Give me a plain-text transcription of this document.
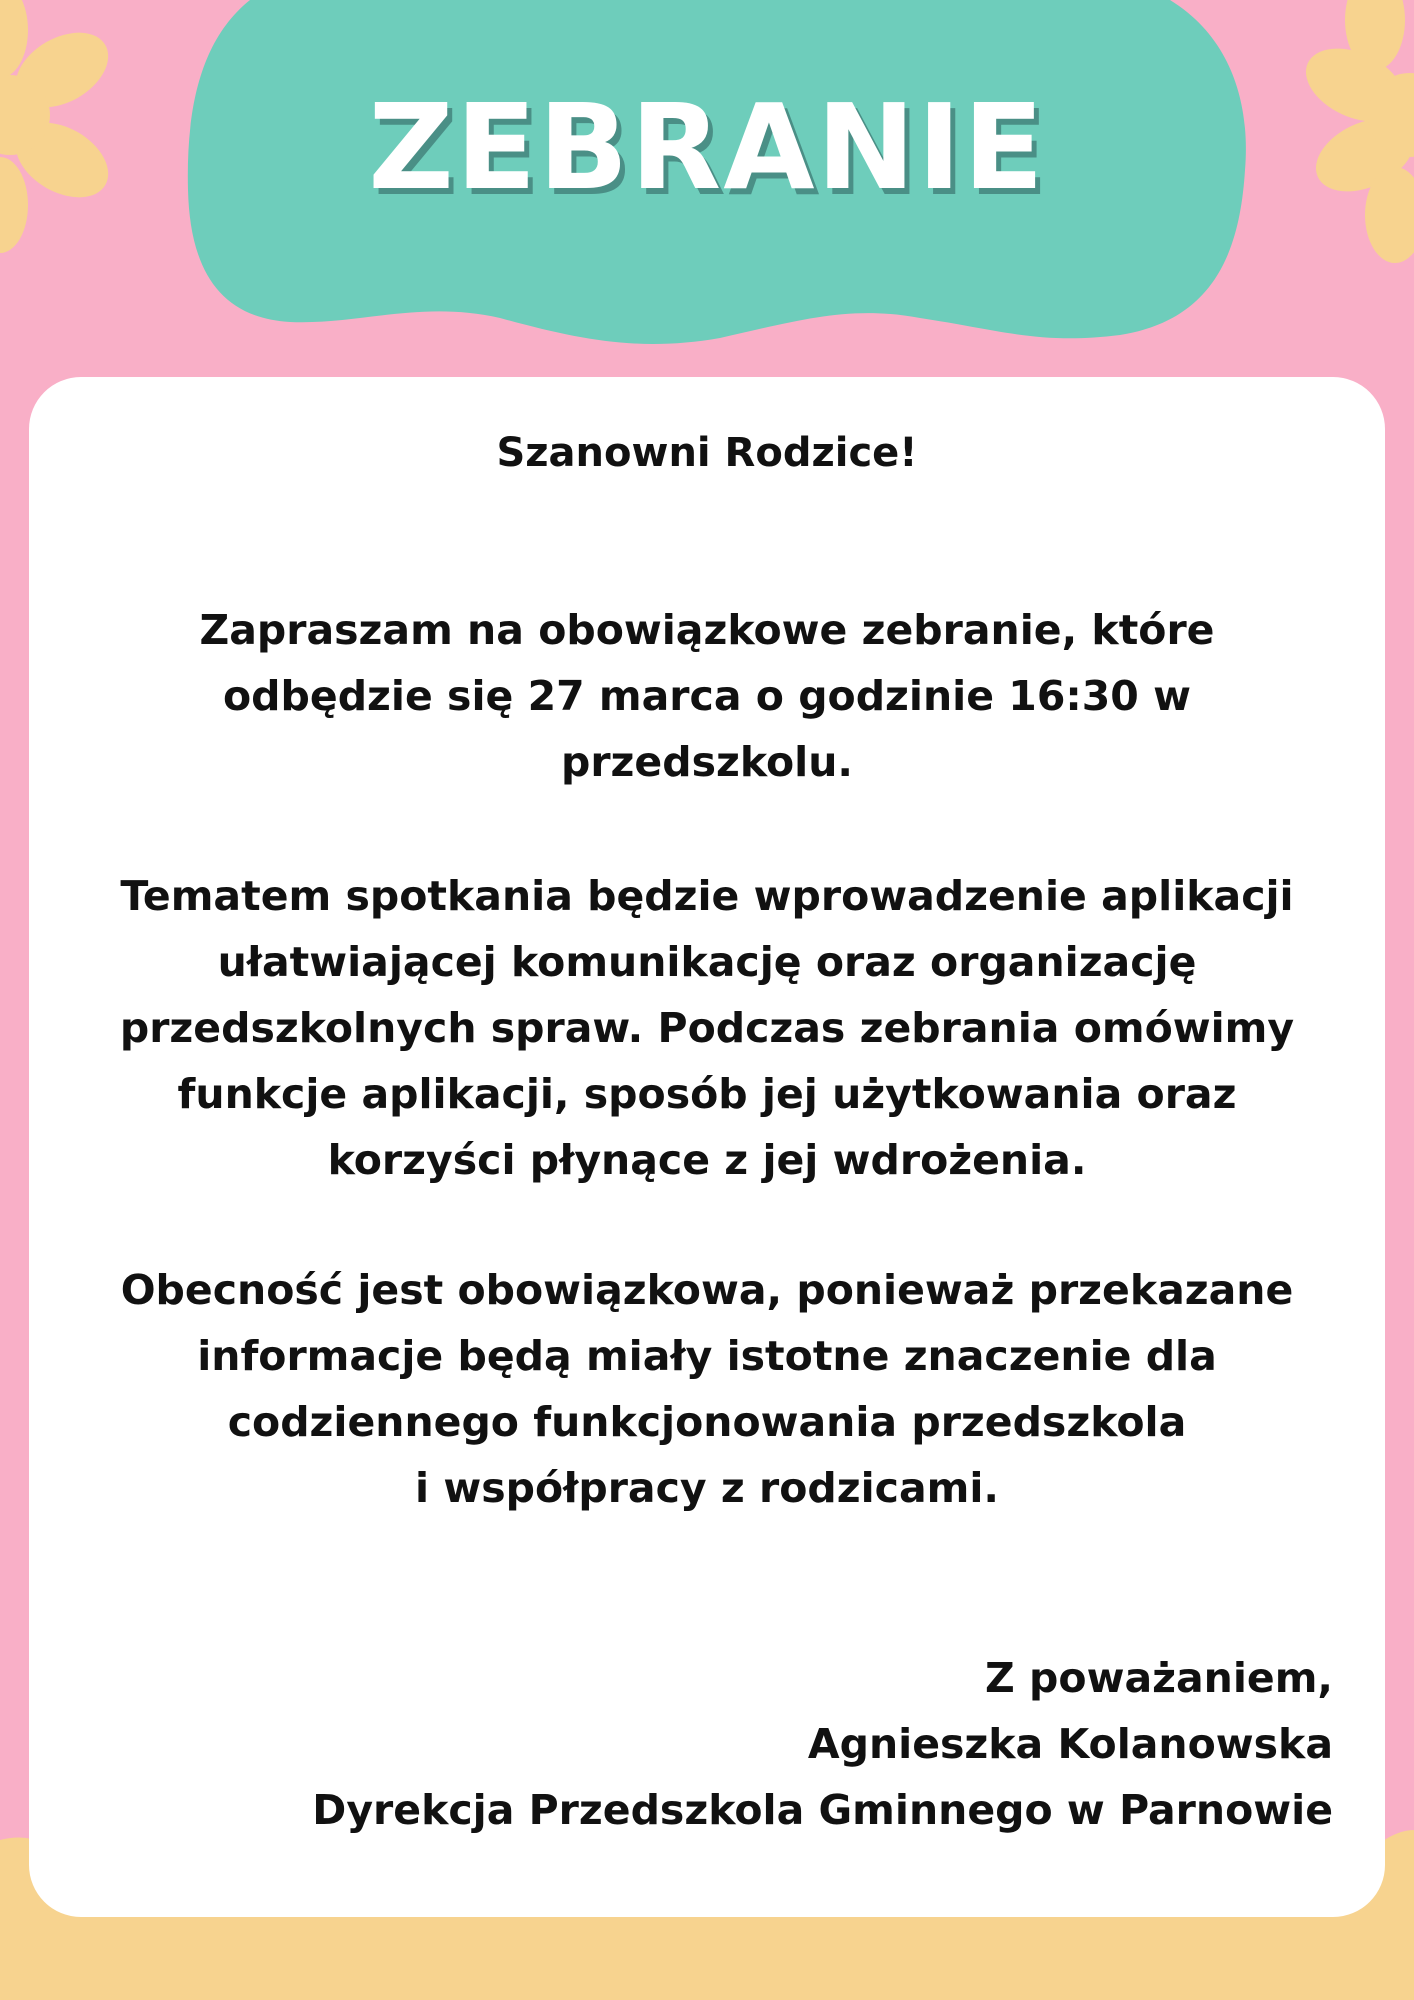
ZEBRANIE
Szanowni Rodzice!

Zapraszam na obowiązkowe zebranie, które
odbędzie się 27 marca o godzinie 16:30 w
przedszkolu.

Tematem spotkania będzie wprowadzenie aplikacji
ułatwiającej komunikację oraz organizację
przedszkolnych spraw. Podczas zebrania omówimy
funkcje aplikacji, sposób jej użytkowania oraz
korzyści płynące z jej wdrożenia.

Obecność jest obowiązkowa, ponieważ przekazane
informacje będą miały istotne znaczenie dla
codziennego funkcjonowania przedszkola
i współpracy z rodzicami.

Z poważaniem,
Agnieszka Kolanowska
Dyrekcja Przedszkola Gminnego w Parnowie
